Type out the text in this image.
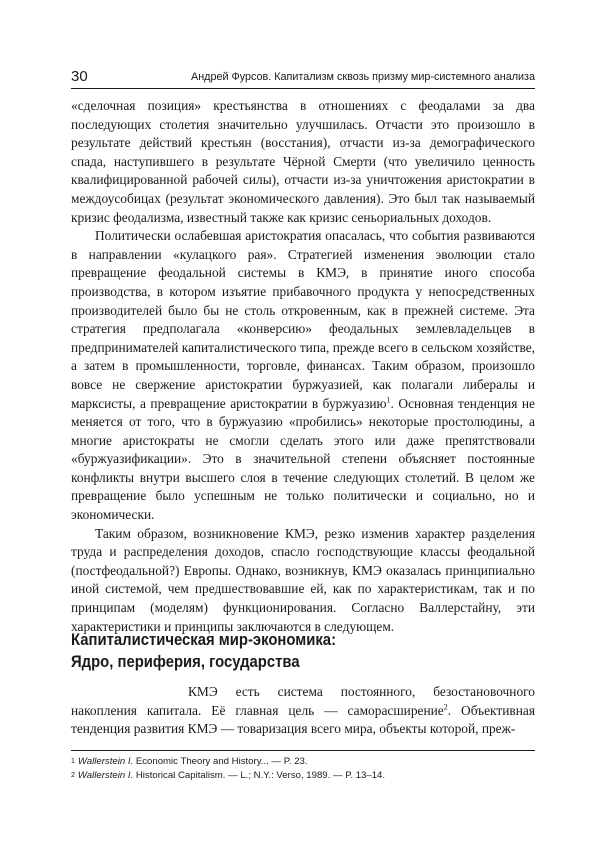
30	Андрей Фурсов. Капитализм сквозь призму мир-системного анализа

«сделочная позиция» крестьянства в отношениях с феодалами за два последующих столетия значительно улучшилась. Отчасти это произошло в результате действий крестьян (восстания), отчасти из-за демографического спада, наступившего в результате Чёрной Смерти (что увеличило ценность квалифицированной рабочей силы), отчасти из-за уничтожения аристократии в междоусобицах (результат экономического давления). Это был так называемый кризис феодализма, известный также как кризис сеньориальных доходов.

Политически ослабевшая аристократия опасалась, что события развиваются в направлении «кулацкого рая». Стратегией изменения эволюции стало превращение феодальной системы в КМЭ, в принятие иного способа производства, в котором изъятие прибавочного продукта у непосредственных производителей было бы не столь откровенным, как в прежней системе. Эта стратегия предполагала «конверсию» феодальных землевладельцев в предпринимателей капиталистического типа, прежде всего в сельском хозяйстве, а затем в промышленности, торговле, финансах. Таким образом, произошло вовсе не свержение аристократии буржуазией, как полагали либералы и марксисты, а превращение аристократии в буржуазию$^1$. Основная тенденция не меняется от того, что в буржуазию «пробились» некоторые простолюдины, а многие аристократы не смогли сделать этого или даже препятствовали «буржуазификации». Это в значительной степени объясняет постоянные конфликты внутри высшего слоя в течение следующих столетий. В целом же превращение было успешным не только политически и социально, но и экономически.

Таким образом, возникновение КМЭ, резко изменив характер разделения труда и распределения доходов, спасло господствующие классы феодальной (постфеодальной?) Европы. Однако, возникнув, КМЭ оказалась принципиально иной системой, чем предшествовавшие ей, как по характеристикам, так и по принципам (моделям) функционирования. Согласно Валлерстайну, эти характеристики и принципы заключаются в следующем.

Капиталистическая мир-экономика:
Ядро, периферия, государства

КМЭ есть система постоянного, безостановочного накопления капитала. Её главная цель — саморасширение$^2$. Объективная тенденция развития КМЭ — товаризация всего мира, объекты которой, преж-

$^1$ Wallerstein I. Economic Theory and History... — P. 23.
$^2$ Wallerstein I. Historical Capitalism. — L.; N.Y.: Verso, 1989. — P. 13–14.
